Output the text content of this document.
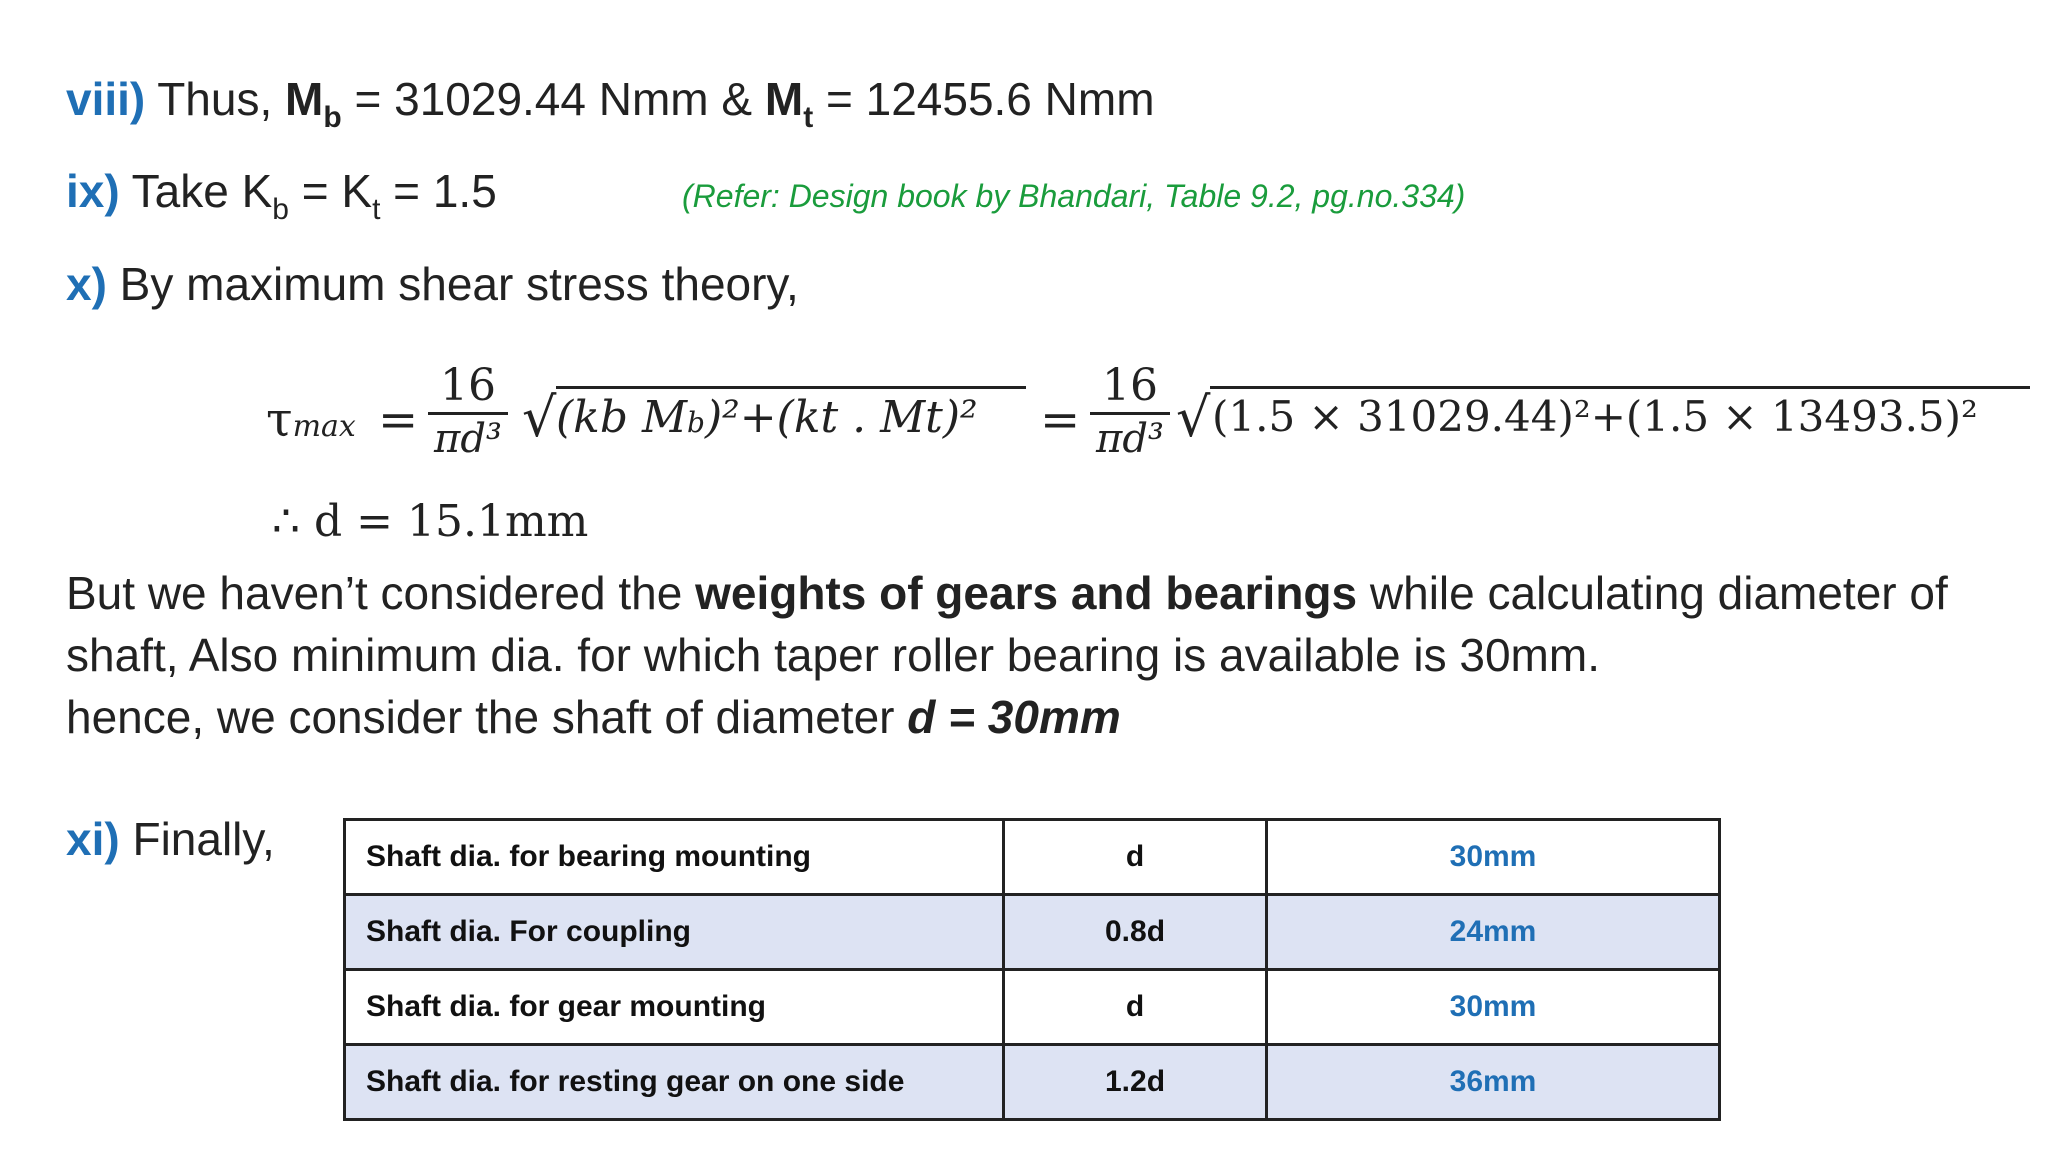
viii) Thus, $M_b = 31029.44$ Nmm & $M_t = 12455.6$ Nmm
ix) Take $K_b = K_t = 1.5$	(Refer: Design book by Bhandari, Table 9.2, pg.no.334)
x) By maximum shear stress theory,
τmax =
16
πd³ √ (kb Mb)²+(kt . Mt)² =
16
πd³ √ (1.5 × 31029.44)²+(1.5 × 13493.5)²
∴ d = 15.1mm
But we haven’t considered the weights of gears and bearings while calculating diameter of
shaft, Also minimum dia. for which taper roller bearing is available is 30mm.
hence, we consider the shaft of diameter d = 30mm
xi) Finally,	Shaft dia. for bearing mounting	d	30mm
Shaft dia. For coupling	0.8d	24mm
Shaft dia. for gear mounting	d	30mm
Shaft dia. for resting gear on one side	1.2d	36mm
